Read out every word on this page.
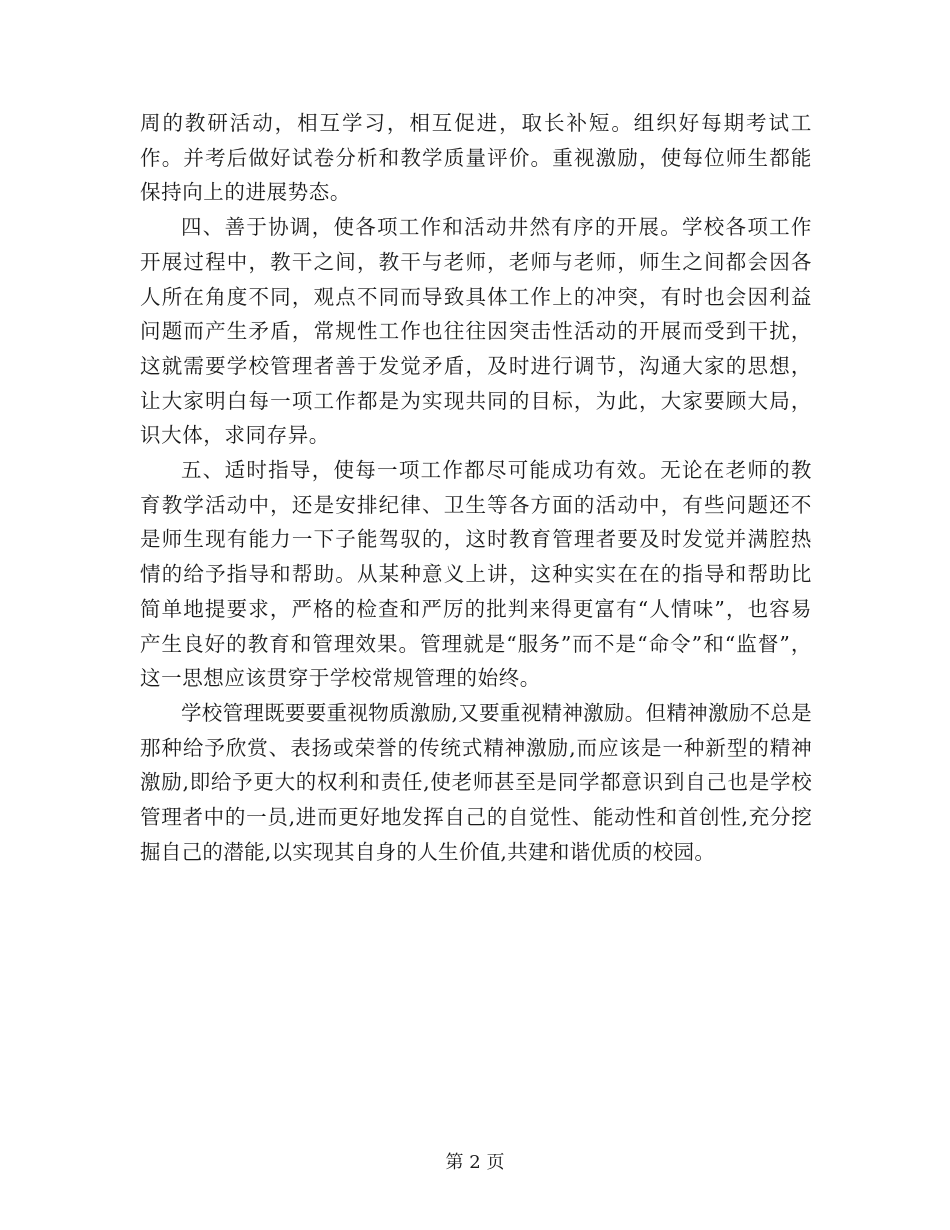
周的教研活动，相互学习，相互促进，取长补短。组织好每期考试工作。并考后做好试卷分析和教学质量评价。重视激励，使每位师生都能保持向上的进展势态。

四、善于协调，使各项工作和活动井然有序的开展。学校各项工作开展过程中，教干之间，教干与老师，老师与老师，师生之间都会因各人所在角度不同，观点不同而导致具体工作上的冲突，有时也会因利益问题而产生矛盾，常规性工作也往往因突击性活动的开展而受到干扰，这就需要学校管理者善于发觉矛盾，及时进行调节，沟通大家的思想，让大家明白每一项工作都是为实现共同的目标，为此，大家要顾大局，识大体，求同存异。

五、适时指导，使每一项工作都尽可能成功有效。无论在老师的教育教学活动中，还是安排纪律、卫生等各方面的活动中，有些问题还不是师生现有能力一下子能驾驭的，这时教育管理者要及时发觉并满腔热情的给予指导和帮助。从某种意义上讲，这种实实在在的指导和帮助比简单地提要求，严格的检查和严厉的批判来得更富有“人情味”，也容易产生良好的教育和管理效果。管理就是“服务”而不是“命令”和“监督”，这一思想应该贯穿于学校常规管理的始终。

学校管理既要要重视物质激励,又要重视精神激励。但精神激励不总是那种给予欣赏、表扬或荣誉的传统式精神激励,而应该是一种新型的精神激励,即给予更大的权利和责任,使老师甚至是同学都意识到自己也是学校管理者中的一员,进而更好地发挥自己的自觉性、能动性和首创性,充分挖掘自己的潜能,以实现其自身的人生价值,共建和谐优质的校园。

第 2 页
